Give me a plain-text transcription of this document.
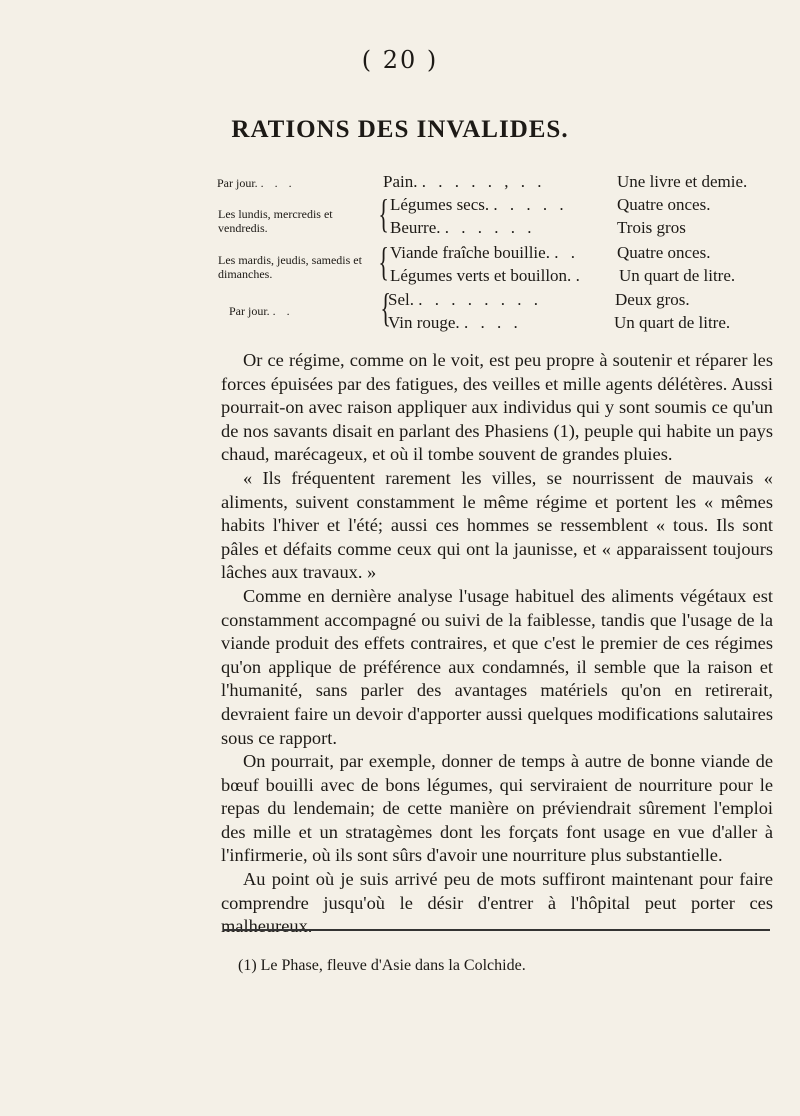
( 20 )
RATIONS DES INVALIDES.
Par jour. . . .	Pain. . . . . . , . .	Une livre et demie.
Les lundis, mercredis et vendredis.	{ Légumes secs. . . . . .	Quatre onces.
Beurre. . . . . . .	Trois gros
Les mardis, jeudis, samedis et dimanches.	{ Viande fraîche bouillie. . . Quatre onces.
Légumes verts et bouillon. . Un quart de litre.
Par jour. . . {
Sel. . . . . . . . .	Deux gros.
Vin rouge. . . . .	Un quart de litre.

Or ce régime, comme on le voit, est peu propre à soutenir et réparer les forces épuisées par des fatigues, des veilles et mille agents délétères. Aussi pourrait-on avec raison appliquer aux individus qui y sont soumis ce qu'un de nos savants disait en parlant des Phasiens (1), peuple qui habite un pays chaud, marécageux, et où il tombe souvent de grandes pluies.

« Ils fréquentent rarement les villes, se nourrissent de mauvais « aliments, suivent constamment le même régime et portent les « mêmes habits l'hiver et l'été; aussi ces hommes se ressemblent « tous. Ils sont pâles et défaits comme ceux qui ont la jaunisse, et « apparaissent toujours lâches aux travaux. »

Comme en dernière analyse l'usage habituel des aliments végétaux est constamment accompagné ou suivi de la faiblesse, tandis que l'usage de la viande produit des effets contraires, et que c'est le premier de ces régimes qu'on applique de préférence aux condamnés, il semble que la raison et l'humanité, sans parler des avantages matériels qu'on en retirerait, devraient faire un devoir d'apporter aussi quelques modifications salutaires sous ce rapport.

On pourrait, par exemple, donner de temps à autre de bonne viande de bœuf bouilli avec de bons légumes, qui serviraient de nourriture pour le repas du lendemain; de cette manière on préviendrait sûrement l'emploi des mille et un stratagèmes dont les forçats font usage en vue d'aller à l'infirmerie, où ils sont sûrs d'avoir une nourriture plus substantielle.

Au point où je suis arrivé peu de mots suffiront maintenant pour faire comprendre jusqu'où le désir d'entrer à l'hôpital peut porter ces malheureux.

(1) Le Phase, fleuve d'Asie dans la Colchide.
